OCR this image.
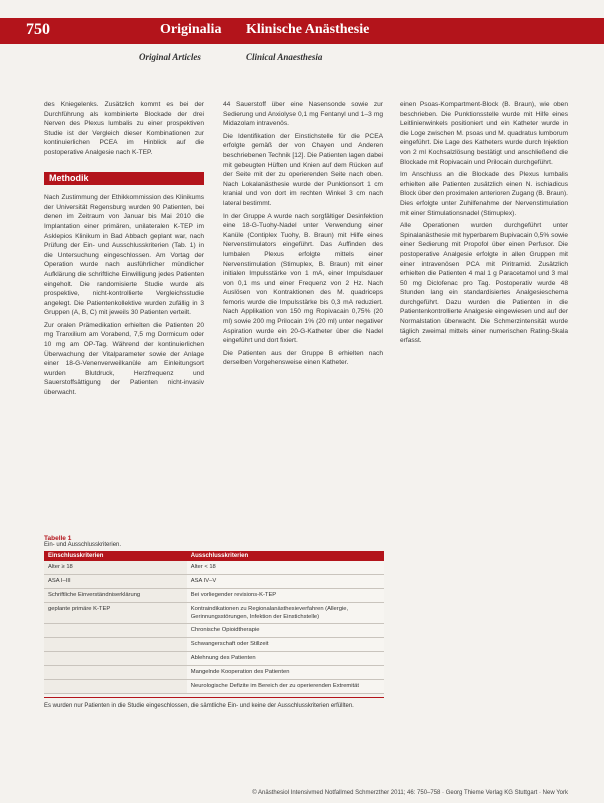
750	Originalia Klinische Anästhesie
Original Articles	Clinical Anaesthesia

des Kniegelenks. Zusätzlich kommt es bei der Durchführung als kombinierte Blockade der drei Nerven des Plexus lumbalis zu einer prospektiven Studie ist der Vergleich dieser Kombinationen zur kontinuierlichen PCEA im Hinblick auf die postoperative Analgesie nach K-TEP.

Methodik

Nach Zustimmung der Ethikkommission des Klinikums der Universität Regensburg wurden 90 Patienten, bei denen im Zeitraum von Januar bis Mai 2010 die Implantation einer primären, unilateralen K-TEP im Asklepios Klinikum in Bad Abbach geplant war, nach Prüfung der Ein- und Ausschlusskriterien (Tab. 1) in die Untersuchung eingeschlossen. Am Vortag der Operation wurde nach ausführlicher mündlicher Aufklärung die schriftliche Einwilligung jedes Patienten eingeholt. Die randomisierte Studie wurde als prospektive, nicht-kontrollierte Vergleichsstudie angelegt. Die Patientenkollektive wurden zufällig in 3 Gruppen (A, B, C) mit jeweils 30 Patienten verteilt.

Zur oralen Prämedikation erhielten die Patienten 20 mg Tranxilium am Vorabend, 7,5 mg Dormicum oder 10 mg am OP-Tag. Während der kontinuierlichen Überwachung der Vitalparameter sowie der Anlage einer 18-G-Venenverweilkanüle am Einleitungsort wurden Blutdruck, Herzfrequenz und Sauerstoffsättigung der Patienten nicht-invasiv überwacht.

44 Sauerstoff über eine Nasensonde sowie zur Sedierung und Anxiolyse 0,1 mg Fentanyl und 1–3 mg Midazolam intravenös.

Die Identifikation der Einstichstelle für die PCEA erfolgte gemäß der von Chayen und Anderen beschriebenen Technik [12]. Die Patienten lagen dabei mit gebeugten Hüften und Knien auf dem Rücken auf der Seite mit der zu operierenden Seite nach oben. Nach Lokalanästhesie wurde der Punktionsort 1 cm kranial und von dort im rechten Winkel 3 cm nach lateral bestimmt.

In der Gruppe A wurde nach sorgfältiger Desinfektion eine 18-G-Tuohy-Nadel unter Verwendung einer Kanüle (Contiplex Tuohy, B. Braun) mit Hilfe eines Nervenstimulators eingeführt. Das Auffinden des lumbalen Plexus erfolgte mittels einer Nervenstimulation (Stimuplex, B. Braun) mit einer initialen Impulsstärke von 1 mA, einer Impulsdauer von 0,1 ms und einer Frequenz von 2 Hz. Nach Auslösen von Kontraktionen des M. quadriceps femoris wurde die Impulsstärke bis 0,3 mA reduziert. Nach Applikation von 150 mg Ropivacain 0,75% (20 ml) sowie 200 mg Prilocain 1% (20 ml) unter negativer Aspiration wurde ein 20-G-Katheter über die Nadel eingeführt und dort fixiert.

Die Patienten aus der Gruppe B erhielten nach derselben Vorgehensweise einen Katheter.

einen Psoas-Kompartment-Block (B. Braun), wie oben beschrieben. Die Punktionsstelle wurde mit Hilfe eines Leitlinienwinkels positioniert und ein Katheter wurde in die Loge zwischen M. psoas und M. quadratus lumborum eingeführt. Die Lage des Katheters wurde durch Injektion von 2 ml Kochsalzlösung bestätigt und anschließend die Blockade mit Ropivacain und Prilocain durchgeführt.

Im Anschluss an die Blockade des Plexus lumbalis erhielten alle Patienten zusätzlich einen N. ischiadicus Block über den proximalen anterioren Zugang (B. Braun). Dies erfolgte unter Zuhilfenahme der Nervenstimulation mit einer Stimulationsnadel (Stimuplex).

Alle Operationen wurden durchgeführt unter Spinalanästhesie mit hyperbarem Bupivacain 0,5% sowie einer Sedierung mit Propofol über einen Perfusor. Die postoperative Analgesie erfolgte in allen Gruppen mit einer intravenösen PCA mit Piritramid. Zusätzlich erhielten die Patienten 4 mal 1 g Paracetamol und 3 mal 50 mg Diclofenac pro Tag. Postoperativ wurde 48 Stunden lang ein standardisiertes Analgesieschema durchgeführt. Dazu wurden die Patienten in die Patientenkontrollierte Analgesie eingewiesen und auf der Normalstation überwacht. Die Schmerzintensität wurde täglich zweimal mittels einer numerischen Rating-Skala erfasst.

Tabelle 1
Ein- und Ausschlusskriterien.
Einschlusskriterien	Ausschlusskriterien
Alter ≥ 18	Alter < 18
ASA I–III	ASA IV–V
Schriftliche Einverständniserklärung	Bei vorliegender revisions-K-TEP
geplante primäre K-TEP	Kontraindikationen zu Regionalanästhesieverfahren (Allergie, Gerinnungsstörungen, Infektion der Einstichstelle)
	Chronische Opioidtherapie
	Schwangerschaft oder Stillzeit
	Ablehnung des Patienten
	Mangelnde Kooperation des Patienten
	Neurologische Defizite im Bereich der zu operierenden Extremität
Es wurden nur Patienten in die Studie eingeschlossen, die sämtliche Ein- und keine der Ausschlusskriterien erfüllten.
© Anästhesiol Intensivmed Notfallmed Schmerzther 2011; 46: 750–758 · Georg Thieme Verlag KG Stuttgart · New York
